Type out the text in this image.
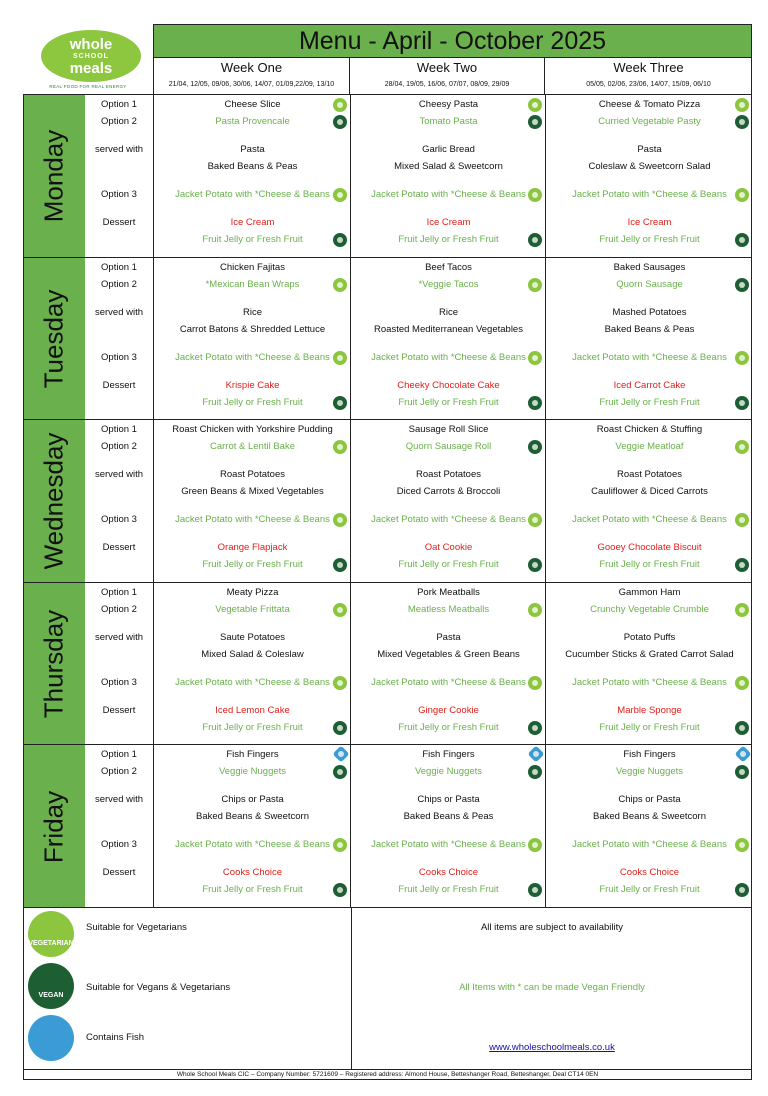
whole
SCHOOL
meals
REAL FOOD FOR REAL ENERGY
Menu - April - October 2025
Week One
21/04, 12/05, 09/06, 30/06, 14/07, 01/09,22/09, 13/10
Week Two
28/04, 19/05, 16/06, 07/07, 08/09, 29/09
Week Three
05/05, 02/06, 23/06, 14/07, 15/09, 06/10
Monday
Option 1
Option 2
served with
Option 3
Dessert
Cheese Slice
Pasta Provencale
Pasta
Baked Beans & Peas
Jacket Potato with *Cheese & Beans
Ice Cream
Fruit Jelly or Fresh Fruit
Cheesy Pasta
Tomato Pasta
Garlic Bread
Mixed Salad & Sweetcorn
Jacket Potato with *Cheese & Beans
Ice Cream
Fruit Jelly or Fresh Fruit
Cheese & Tomato Pizza
Curried Vegetable Pasty
Pasta
Coleslaw & Sweetcorn Salad
Jacket Potato with *Cheese & Beans
Ice Cream
Fruit Jelly or Fresh Fruit
Tuesday
Option 1
Option 2
served with
Option 3
Dessert
Chicken Fajitas
*Mexican Bean Wraps
Rice
Carrot Batons & Shredded Lettuce
Jacket Potato with *Cheese & Beans
Krispie Cake
Fruit Jelly or Fresh Fruit
Beef Tacos
*Veggie Tacos
Rice
Roasted Mediterranean Vegetables
Jacket Potato with *Cheese & Beans
Cheeky Chocolate Cake
Fruit Jelly or Fresh Fruit
Baked Sausages
Quorn Sausage
Mashed Potatoes
Baked Beans & Peas
Jacket Potato with *Cheese & Beans
Iced Carrot Cake
Fruit Jelly or Fresh Fruit
Wednesday
Option 1
Option 2
served with
Option 3
Dessert
Roast Chicken with Yorkshire Pudding
Carrot & Lentil Bake
Roast Potatoes
Green Beans & Mixed Vegetables
Jacket Potato with *Cheese & Beans
Orange Flapjack
Fruit Jelly or Fresh Fruit
Sausage Roll Slice
Quorn Sausage Roll
Roast Potatoes
Diced Carrots & Broccoli
Jacket Potato with *Cheese & Beans
Oat Cookie
Fruit Jelly or Fresh Fruit
Roast Chicken & Stuffing
Veggie Meatloaf
Roast Potatoes
Cauliflower & Diced Carrots
Jacket Potato with *Cheese & Beans
Gooey Chocolate Biscuit
Fruit Jelly or Fresh Fruit
Thursday
Option 1
Option 2
served with
Option 3
Dessert
Meaty Pizza
Vegetable Frittata
Saute Potatoes
Mixed Salad & Coleslaw
Jacket Potato with *Cheese & Beans
Iced Lemon Cake
Fruit Jelly or Fresh Fruit
Pork Meatballs
Meatless Meatballs
Pasta
Mixed Vegetables & Green Beans
Jacket Potato with *Cheese & Beans
Ginger Cookie
Fruit Jelly or Fresh Fruit
Gammon Ham
Crunchy Vegetable Crumble
Potato Puffs
Cucumber Sticks & Grated Carrot Salad
Jacket Potato with *Cheese & Beans
Marble Sponge
Fruit Jelly or Fresh Fruit
Friday
Option 1
Option 2
served with
Option 3
Dessert
Fish Fingers
Veggie Nuggets
Chips or Pasta
Baked Beans & Sweetcorn
Jacket Potato with *Cheese & Beans
Cooks Choice
Fruit Jelly or Fresh Fruit
Fish Fingers
Veggie Nuggets
Chips or Pasta
Baked Beans & Peas
Jacket Potato with *Cheese & Beans
Cooks Choice
Fruit Jelly or Fresh Fruit
Fish Fingers
Veggie Nuggets
Chips or Pasta
Baked Beans & Sweetcorn
Jacket Potato with *Cheese & Beans
Cooks Choice
Fruit Jelly or Fresh Fruit
VEGETARIAN
Suitable for Vegetarians
VEGAN
Suitable for Vegans & Vegetarians
Contains Fish
All items are subject to availability
All Items with * can be made Vegan Friendly
www.wholeschoolmeals.co.uk
Whole School Meals CIC – Company Number: 5721609 – Registered address: Almond House, Betteshanger Road, Betteshanger, Deal CT14 0EN
